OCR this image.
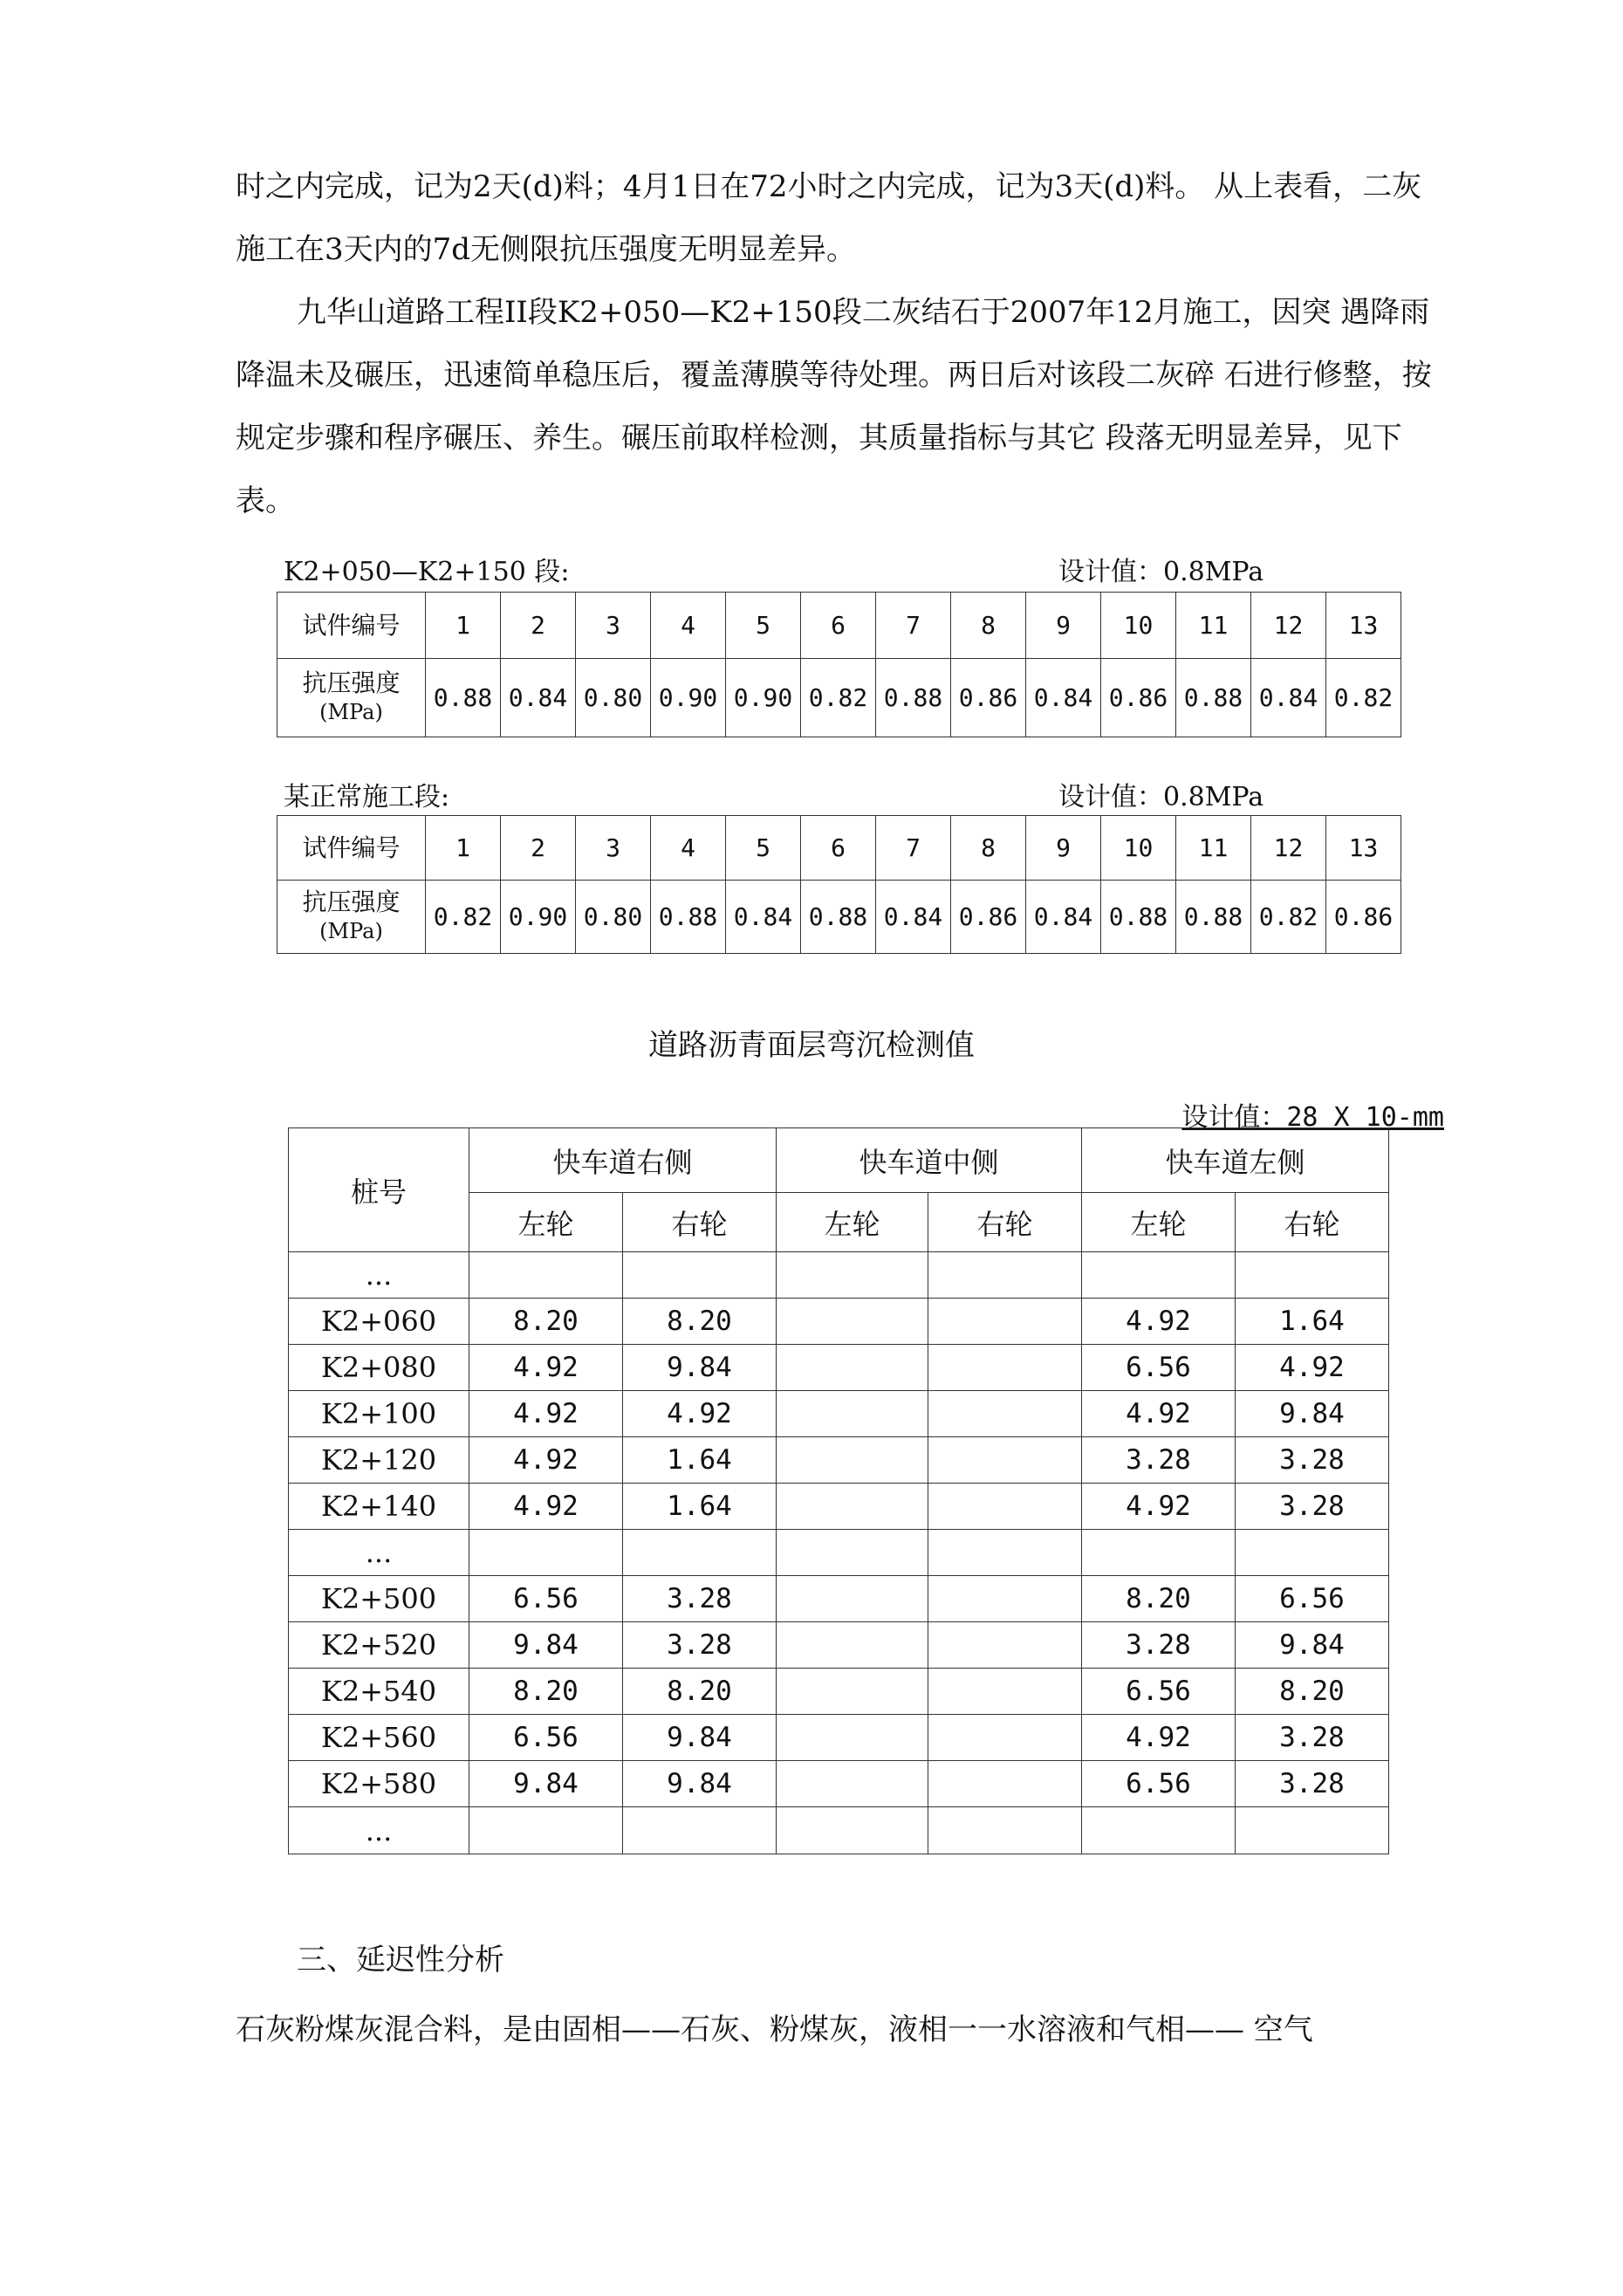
时之内完成，记为2天(d)料；4月1日在72小时之内完成，记为3天(d)料。 从上表看，二灰施工在3天内的7d无侧限抗压强度无明显差异。

九华山道路工程II段K2+050—K2+150段二灰结石于2007年12月施工，因突 遇降雨降温未及碾压，迅速简单稳压后，覆盖薄膜等待处理。两日后对该段二灰碎 石进行修整，按规定步骤和程序碾压、养生。碾压前取样检测，其质量指标与其它 段落无明显差异，见下表。

K2+050—K2+150 段:	设计值：0.8MPa
试件编号	1	2	3	4	5	6	7	8	9	10	11	12	13
抗压强度
(MPa)	0.88	0.84	0.80	0.90	0.90	0.82	0.88	0.86	0.84	0.86	0.88	0.84	0.82
某正常施工段:	设计值：0.8MPa
试件编号	1	2	3	4	5	6	7	8	9	10	11	12	13
抗压强度
(MPa)	0.82	0.90	0.80	0.88	0.84	0.88	0.84	0.86	0.84	0.88	0.88	0.82	0.86
道路沥青面层弯沉检测值
设计值：28 X 10-mm
桩号	快车道右侧		快车道中侧		快车道左侧	
	左轮	右轮	左轮	右轮	左轮	右轮
...						
K2+060	8.20	8.20			4.92	1.64
K2+080	4.92	9.84			6.56	4.92
K2+100	4.92	4.92			4.92	9.84
K2+120	4.92	1.64			3.28	3.28
K2+140	4.92	1.64			4.92	3.28
...						
K2+500	6.56	3.28			8.20	6.56
K2+520	9.84	3.28			3.28	9.84
K2+540	8.20	8.20			6.56	8.20
K2+560	6.56	9.84			4.92	3.28
K2+580	9.84	9.84			6.56	3.28
...						
三、延迟性分析

石灰粉煤灰混合料，是由固相——石灰、粉煤灰，液相一一水溶液和气相—— 空气
